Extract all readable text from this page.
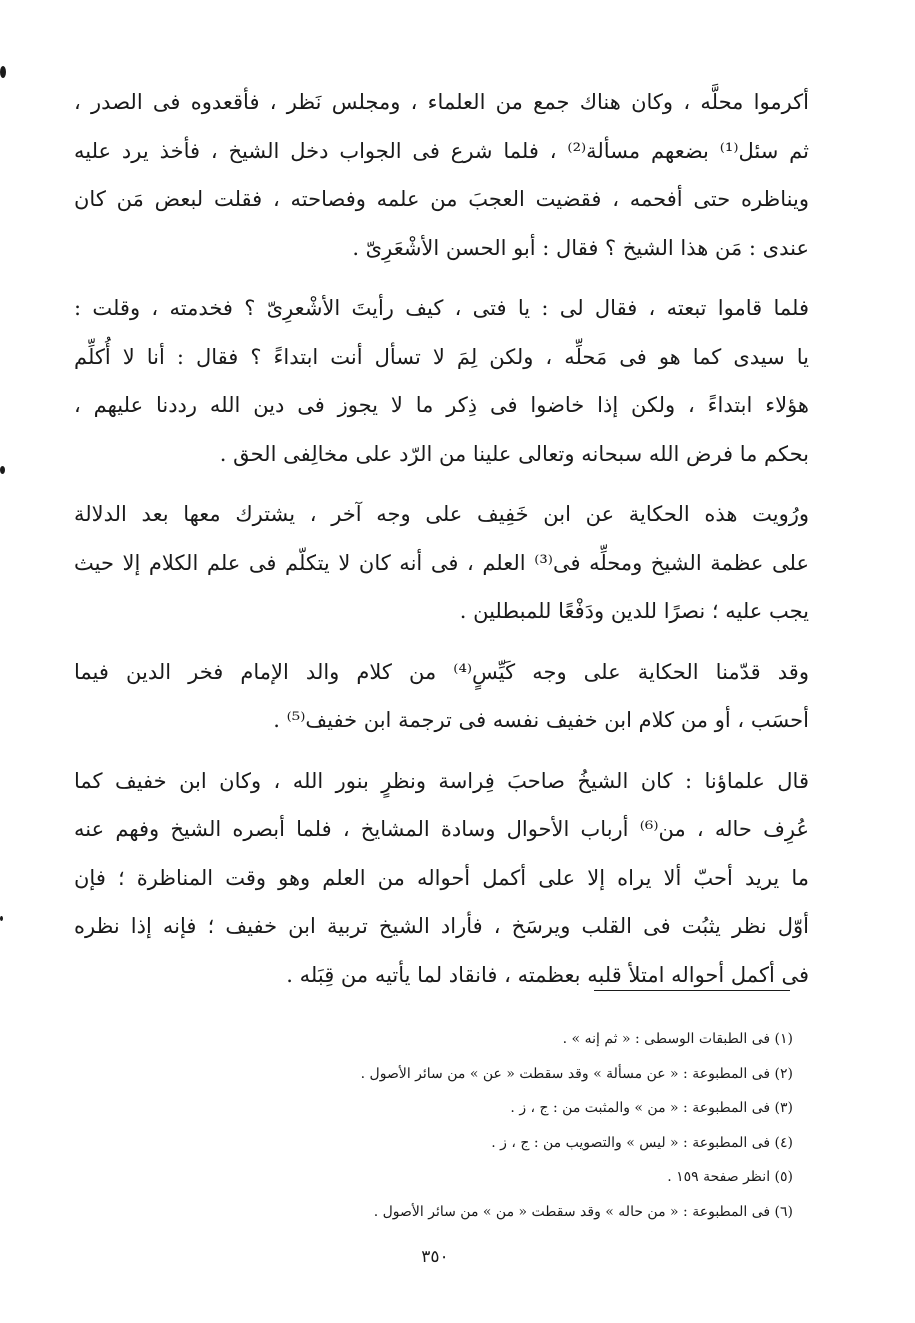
أكرموا محلَّه ، وكان هناك جمع من العلماء ، ومجلس نَظر ، فأقعدوه فى الصدر ،
ثم سئل⁽¹⁾ بضعهم مسألة⁽²⁾ ، فلما شرع فى الجواب دخل الشيخ ، فأخذ يرد عليه
ويناظره حتى أفحمه ، فقضيت العجبَ من علمه وفصاحته ، فقلت لبعض مَن كان
عندى : مَن هذا الشيخ ؟ فقال : أبو الحسن الأشْعَرِىّ .
فلما قاموا تبعته ، فقال لى : يا فتى ، كيف رأيتَ الأشْعرِىّ ؟ فخدمته ، وقلت :
يا سيدى كما هو فى مَحلِّه ، ولكن لِمَ لا تسأل أنت ابتداءً ؟ فقال : أنا لا أُكلِّم
هؤلاء ابتداءً ، ولكن إذا خاضوا فى ذِكر ما لا يجوز فى دين الله رددنا عليهم ،
بحكم ما فرض الله سبحانه وتعالى علينا من الرّد على مخالِفى الحق .
ورُويت هذه الحكاية عن ابن خَفِيف على وجه آخر ، يشترك معها بعد الدلالة
على عظمة الشيخ ومحلِّه فى⁽³⁾ العلم ، فى أنه كان لا يتكلّم فى علم الكلام إلا حيث
يجب عليه ؛ نصرًا للدين ودَفْعًا للمبطلين .
وقد قدّمنا الحكاية على وجه كَيِّسٍ⁽⁴⁾ من كلام والد الإمام فخر الدين فيما
أحسَب ، أو من كلام ابن خفيف نفسه فى ترجمة ابن خفيف⁽⁵⁾ .
قال علماؤنا : كان الشيخُ صاحبَ فِراسة ونظرٍ بنور الله ، وكان ابن خفيف كما
عُرِف حاله ، من⁽⁶⁾ أرباب الأحوال وسادة المشايخ ، فلما أبصره الشيخ وفهم عنه
ما يريد أحبّ ألا يراه إلا على أكمل أحواله من العلم وهو وقت المناظرة ؛ فإن
أوّل نظر يثبُت فى القلب ويرسَخ ، فأراد الشيخ تربية ابن خفيف ؛ فإنه إذا نظره
فى أكمل أحواله امتلأ قلبه بعظمته ، فانقاد لما يأتيه من قِبَله .
(١) فى الطبقات الوسطى : « ثم إنه » .
(٢) فى المطبوعة : « عن مسألة » وقد سقطت « عن » من سائر الأصول .
(٣) فى المطبوعة : « من » والمثبت من : ج ، ز .
(٤) فى المطبوعة : « ليس » والتصويب من : ج ، ز .
(٥) انظر صفحة ١٥٩ .
(٦) فى المطبوعة : « من حاله » وقد سقطت « من » من سائر الأصول .
٣٥٠
